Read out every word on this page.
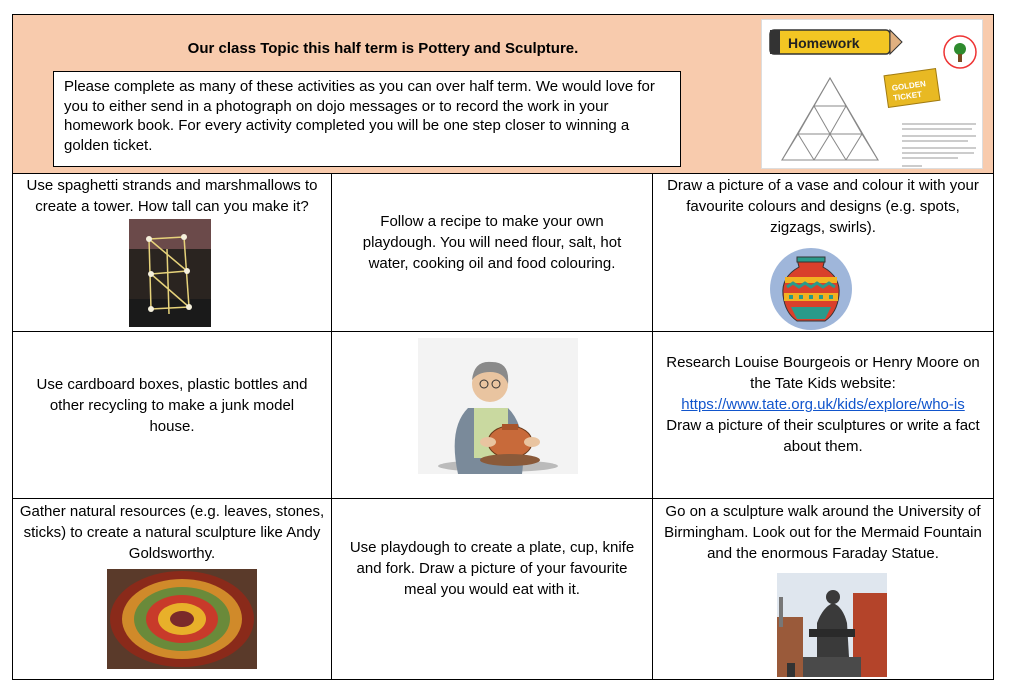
Our class Topic this half term is Pottery and Sculpture.
Please complete as many of these activities as you can over half term. We would love for you to either send in a photograph on dojo messages or to record the work in your homework book. For every activity completed you will be one step closer to winning a golden ticket.
Homework
GOLDEN
TICKET
Use spaghetti strands and marshmallows to create a tower. How tall can you make it?
Follow a recipe to make your own playdough. You will need flour, salt, hot water, cooking oil and food colouring.
Draw a picture of a vase and colour it with your favourite colours and designs (e.g. spots, zigzags, swirls).
Use cardboard boxes, plastic bottles and other recycling to make a junk model house.
Research Louise Bourgeois or Henry Moore on the Tate Kids website:
https://www.tate.org.uk/kids/explore/who-is
Draw a picture of their sculptures or write a fact about them.
Gather natural resources (e.g. leaves, stones, sticks) to create a natural sculpture like Andy Goldsworthy.	Use playdough to create a plate, cup, knife and fork. Draw a picture of your favourite meal you would eat with it.
Go on a sculpture walk around the University of Birmingham. Look out for the Mermaid Fountain and the enormous Faraday Statue.
